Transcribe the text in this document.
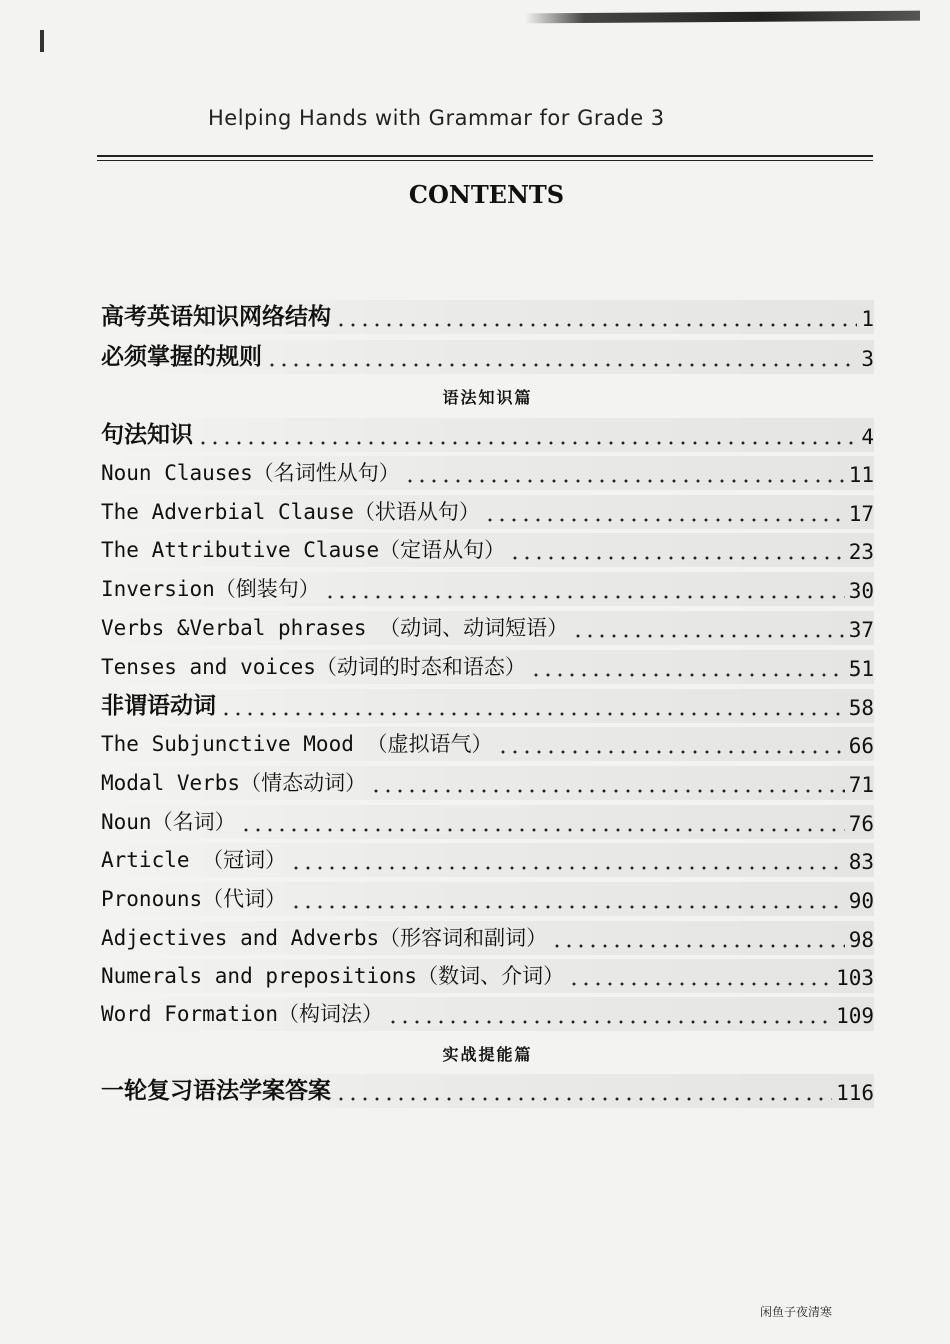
Helping Hands with Grammar for Grade 3
CONTENTS
高考英语知识网络结构	1
必须掌握的规则	3
语法知识篇
句法知识	4
Noun Clauses（名词性从句）	11
The Adverbial Clause（状语从句）	17
The Attributive Clause（定语从句）	23
Inversion（倒装句）	30
Verbs &Verbal phrases （动词、动词短语）	37
Tenses and voices（动词的时态和语态）	51
非谓语动词	58
The Subjunctive Mood （虚拟语气）	66
Modal Verbs（情态动词）	71
Noun（名词）	76
Article （冠词）	83
Pronouns（代词）	90
Adjectives and Adverbs（形容词和副词）	98
Numerals and prepositions（数词、介词）	103
Word Formation（构词法）	109
实战提能篇
一轮复习语法学案答案	116
闲鱼子夜清寒
